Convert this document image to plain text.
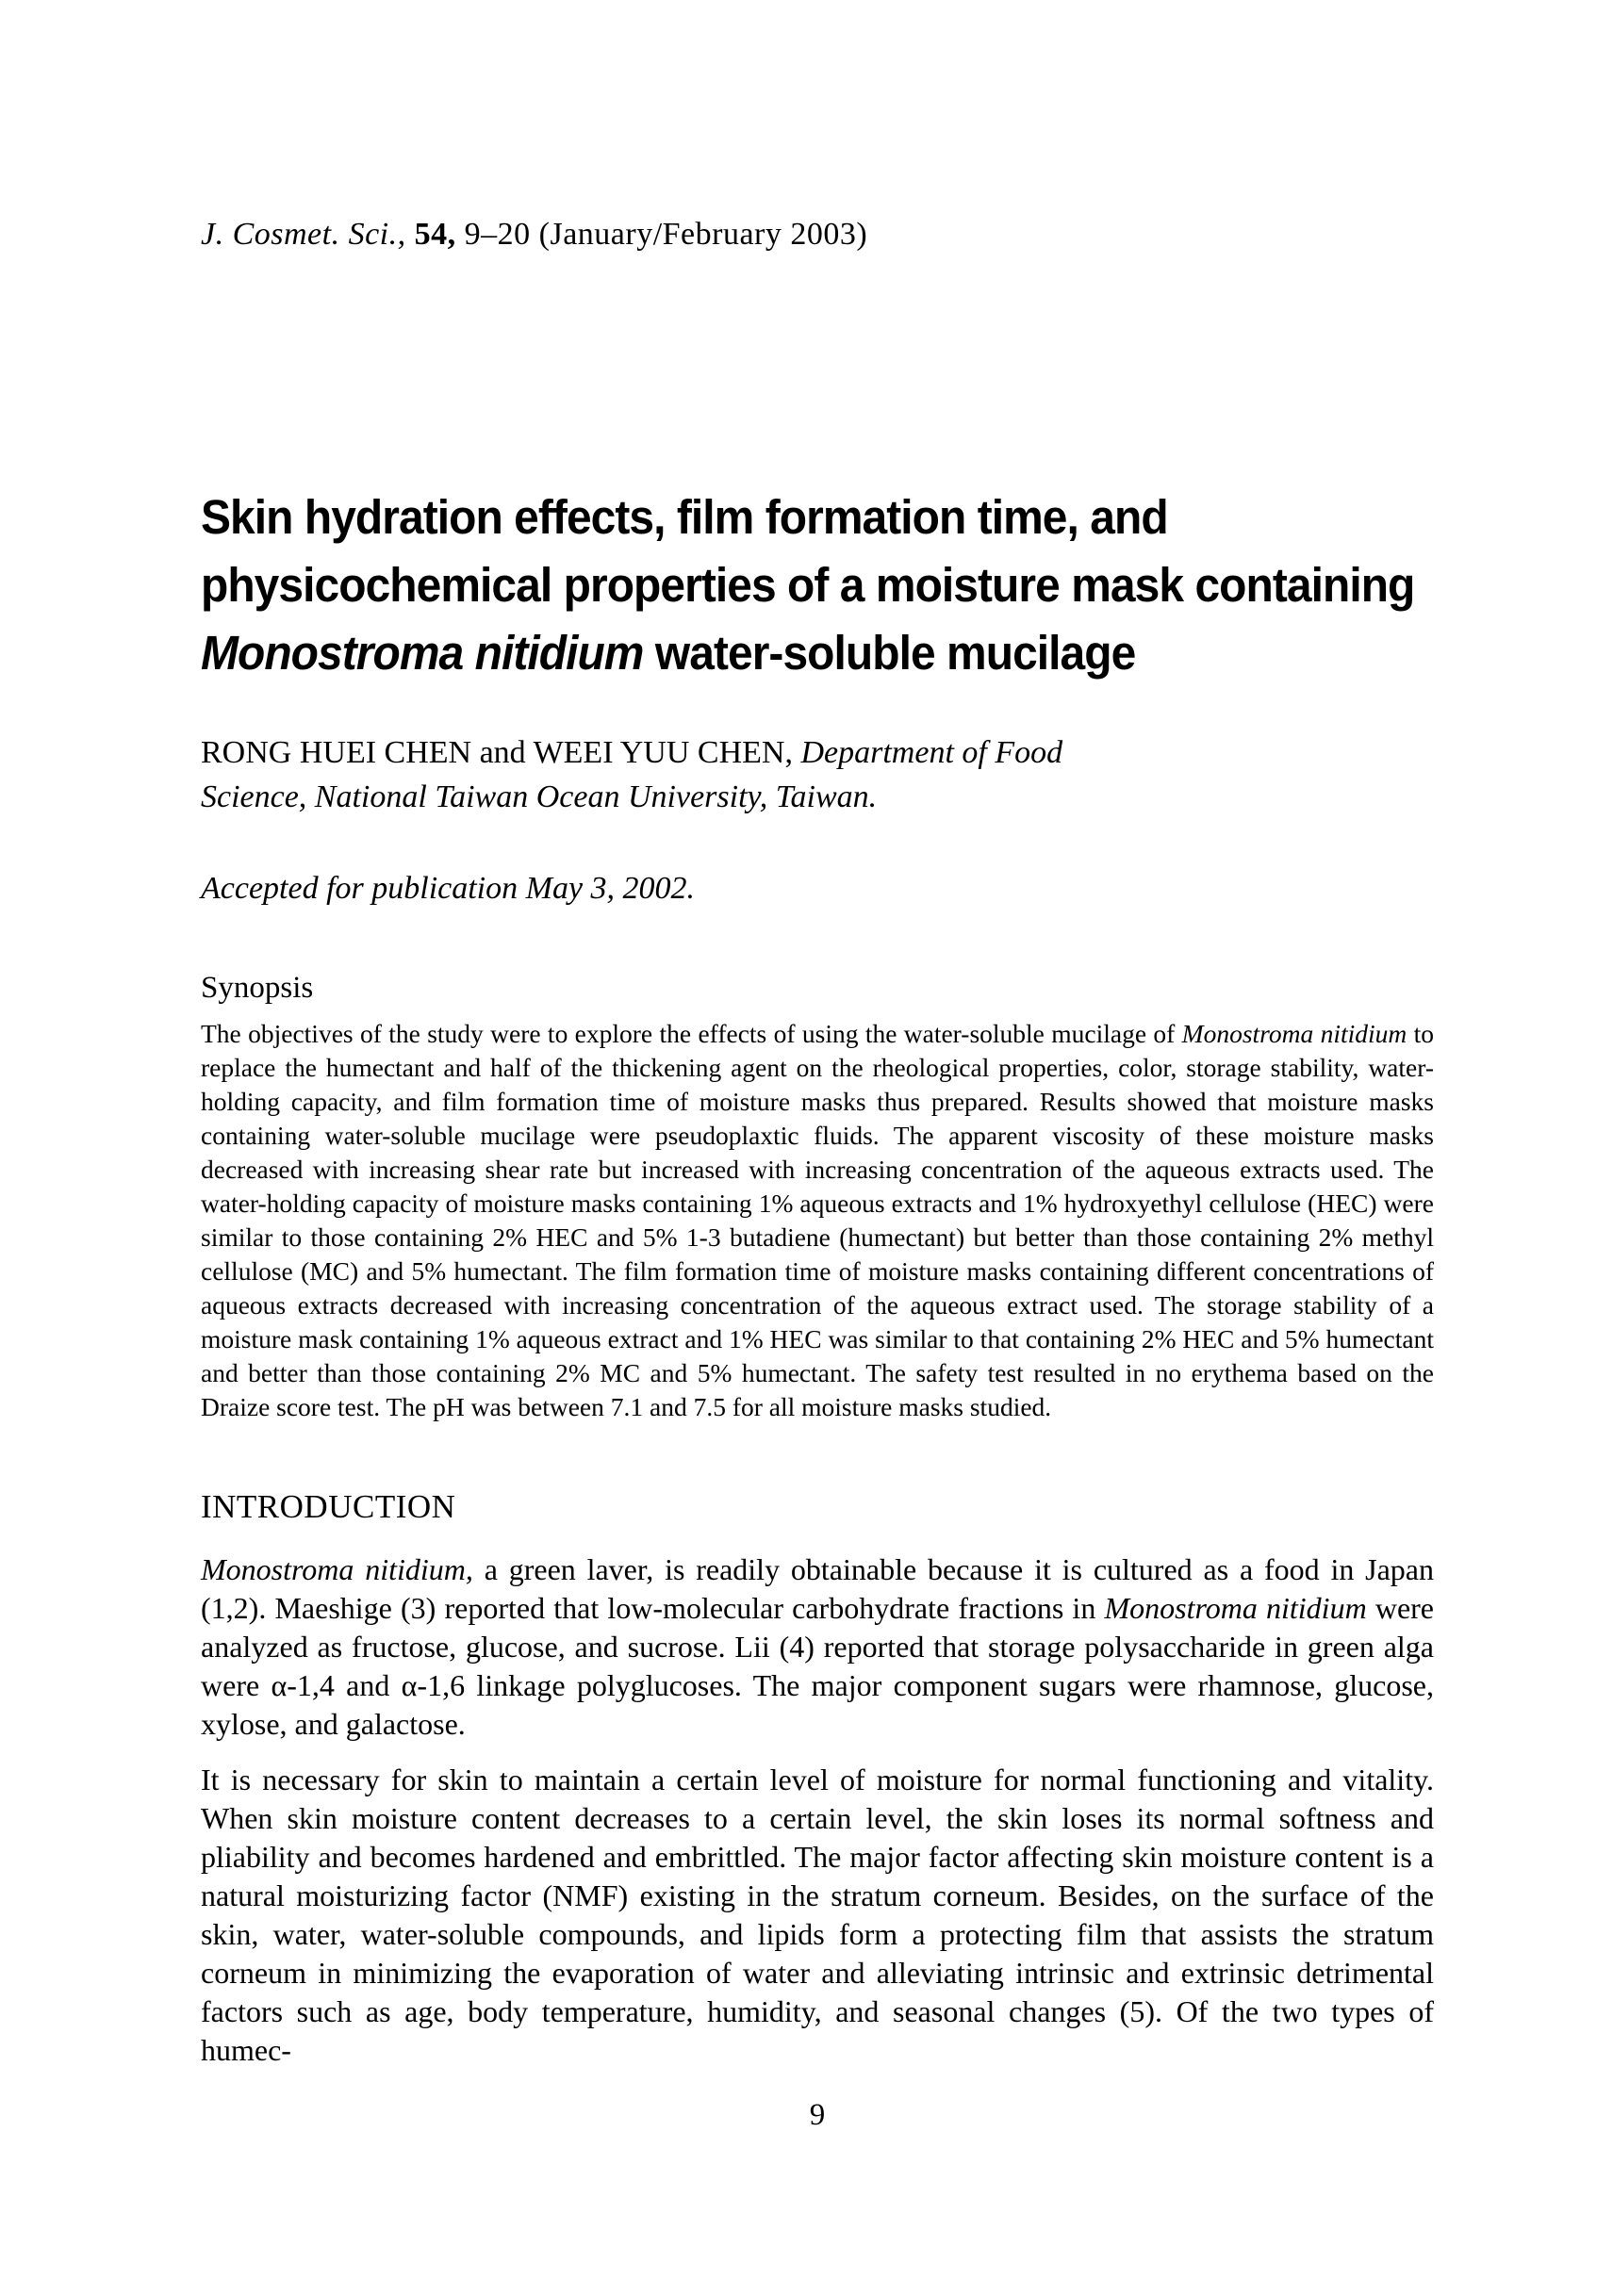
J. Cosmet. Sci., 54, 9–20 (January/February 2003)
Skin hydration effects, film formation time, and
physicochemical properties of a moisture mask containing
Monostroma nitidium water-soluble mucilage
RONG HUEI CHEN and WEEI YUU CHEN, Department of Food
Science, National Taiwan Ocean University, Taiwan.
Accepted for publication May 3, 2002.
Synopsis
The objectives of the study were to explore the effects of using the water-soluble mucilage of Monostroma nitidium to replace the humectant and half of the thickening agent on the rheological properties, color, storage stability, water-holding capacity, and film formation time of moisture masks thus prepared. Results showed that moisture masks containing water-soluble mucilage were pseudoplaxtic fluids. The apparent viscosity of these moisture masks decreased with increasing shear rate but increased with increasing concentration of the aqueous extracts used. The water-holding capacity of moisture masks containing 1% aqueous extracts and 1% hydroxyethyl cellulose (HEC) were similar to those containing 2% HEC and 5% 1-3 butadiene (humectant) but better than those containing 2% methyl cellulose (MC) and 5% humectant. The film formation time of moisture masks containing different concentrations of aqueous extracts decreased with increasing concentration of the aqueous extract used. The storage stability of a moisture mask containing 1% aqueous extract and 1% HEC was similar to that containing 2% HEC and 5% humectant and better than those containing 2% MC and 5% humectant. The safety test resulted in no erythema based on the Draize score test. The pH was between 7.1 and 7.5 for all moisture masks studied.
INTRODUCTION
Monostroma nitidium, a green laver, is readily obtainable because it is cultured as a food in Japan (1,2). Maeshige (3) reported that low-molecular carbohydrate fractions in Monostroma nitidium were analyzed as fructose, glucose, and sucrose. Lii (4) reported that storage polysaccharide in green alga were α-1,4 and α-1,6 linkage polyglucoses. The major component sugars were rhamnose, glucose, xylose, and galactose.
It is necessary for skin to maintain a certain level of moisture for normal functioning and vitality. When skin moisture content decreases to a certain level, the skin loses its normal softness and pliability and becomes hardened and embrittled. The major factor affecting skin moisture content is a natural moisturizing factor (NMF) existing in the stratum corneum. Besides, on the surface of the skin, water, water-soluble compounds, and lipids form a protecting film that assists the stratum corneum in minimizing the evaporation of water and alleviating intrinsic and extrinsic detrimental factors such as age, body temperature, humidity, and seasonal changes (5). Of the two types of humec-
9
